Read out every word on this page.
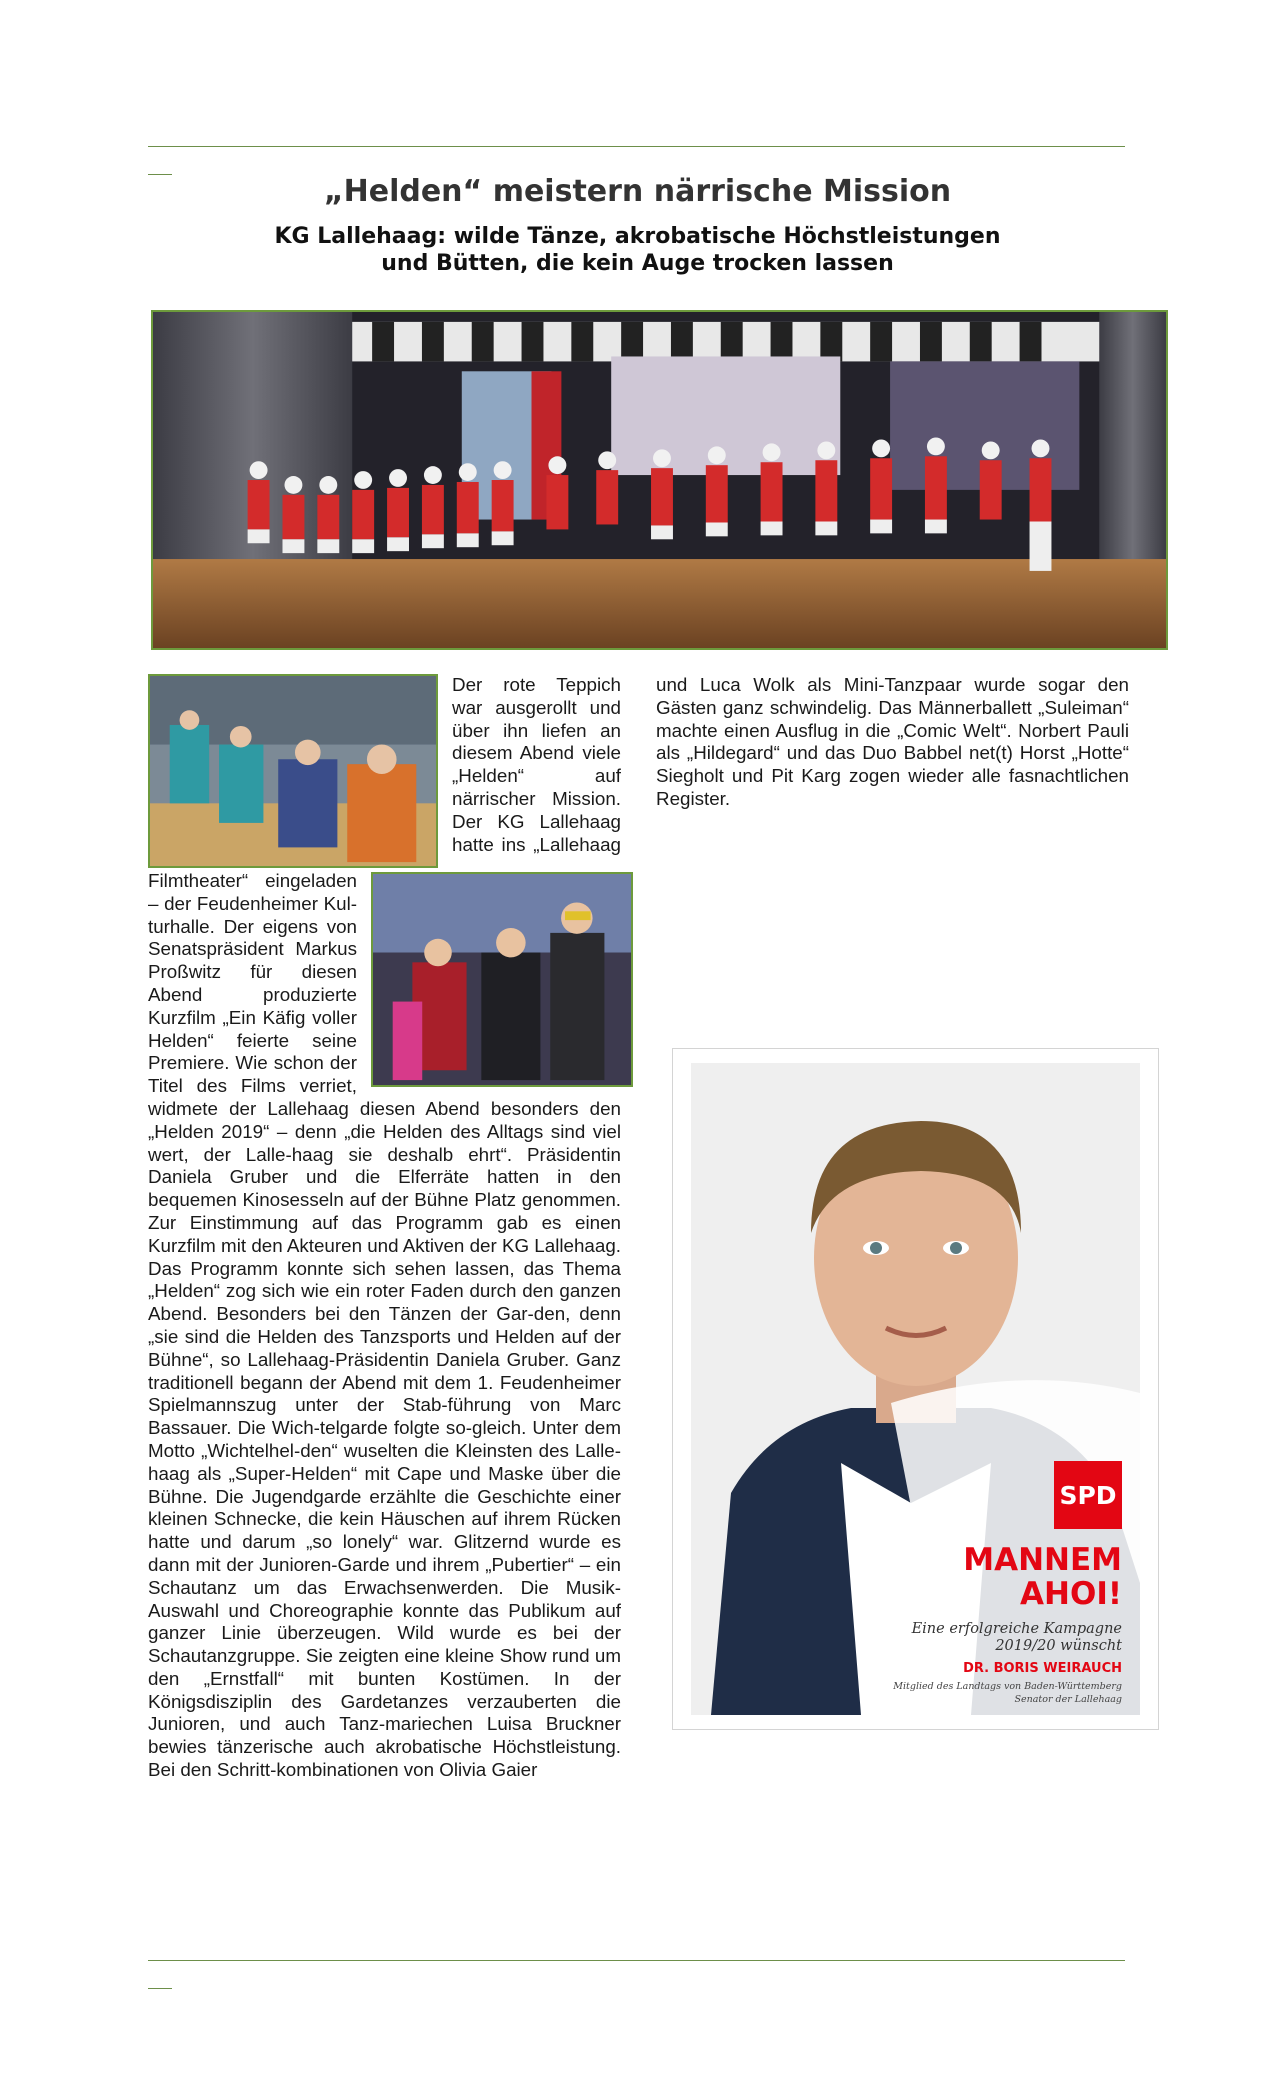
„Helden“ meistern närrische Mission
KG Lallehaag: wilde Tänze, akrobatische Höchstleistungen
und Bütten, die kein Auge trocken lassen
Der rote Teppich war ausgerollt und über ihn liefen an diesem Abend viele „Helden“ auf närrischer Mission. Der KG Lallehaag hatte ins „Lallehaag Filmtheater“ eingeladen – der Feudenheimer Kul-turhalle. Der eigens von Senatspräsident Markus Proßwitz für diesen Abend produzierte Kurzfilm „Ein Käfig voller Helden“ feierte seine Premiere. Wie schon der Titel des Films verriet, widmete der Lallehaag diesen Abend besonders den „Helden 2019“ – denn „die Helden des Alltags sind viel wert, der Lalle-haag sie deshalb ehrt“. Präsidentin Daniela Gruber und die Elferräte hatten in den bequemen Kinosesseln auf der Bühne Platz genommen. Zur Einstimmung auf das Programm gab es einen Kurzfilm mit den Akteuren und Aktiven der KG Lallehaag. Das Programm konnte sich sehen lassen, das Thema „Helden“ zog sich wie ein roter Faden durch den ganzen Abend. Besonders bei den Tänzen der Gar-den, denn „sie sind die Helden des Tanzsports und Helden auf der Bühne“, so Lallehaag-Präsidentin Daniela Gruber. Ganz traditionell begann der Abend mit dem 1. Feudenheimer Spielmannszug unter der Stab-führung von Marc Bassauer. Die Wich-telgarde folgte so-gleich. Unter dem Motto „Wichtelhel-den“ wuselten die Kleinsten des Lalle-haag als „Super-Helden“ mit Cape und Maske über die Bühne. Die Jugendgarde erzählte die Geschichte einer kleinen Schnecke, die kein Häuschen auf ihrem Rücken hatte und darum „so lonely“ war. Glitzernd wurde es dann mit der Junioren-Garde und ihrem „Pubertier“ – ein Schautanz um das Erwachsenwerden. Die Musik-Auswahl und Choreographie konnte das Publikum auf ganzer Linie überzeugen. Wild wurde es bei der Schautanzgruppe. Sie zeigten eine kleine Show rund um den „Ernstfall“ mit bunten Kostümen. In der Königsdisziplin des Gardetanzes verzauberten die Junioren, und auch Tanz-mariechen Luisa Bruckner bewies tänzerische auch akrobatische Höchstleistung. Bei den Schritt-kombinationen von Olivia Gaier
und Luca Wolk als Mini-Tanzpaar wurde sogar den Gästen ganz schwindelig. Das Männerballett „Suleiman“ machte einen Ausflug in die „Comic Welt“. Norbert Pauli als „Hildegard“ und das Duo Babbel net(t) Horst „Hotte“ Siegholt und Pit Karg zogen wieder alle fasnachtlichen Register.
SPD
MANNEM
AHOI!
Eine erfolgreiche Kampagne
2019/20 wünscht
DR. BORIS WEIRAUCH
Mitglied des Landtags von Baden-Württemberg
Senator der Lallehaag
